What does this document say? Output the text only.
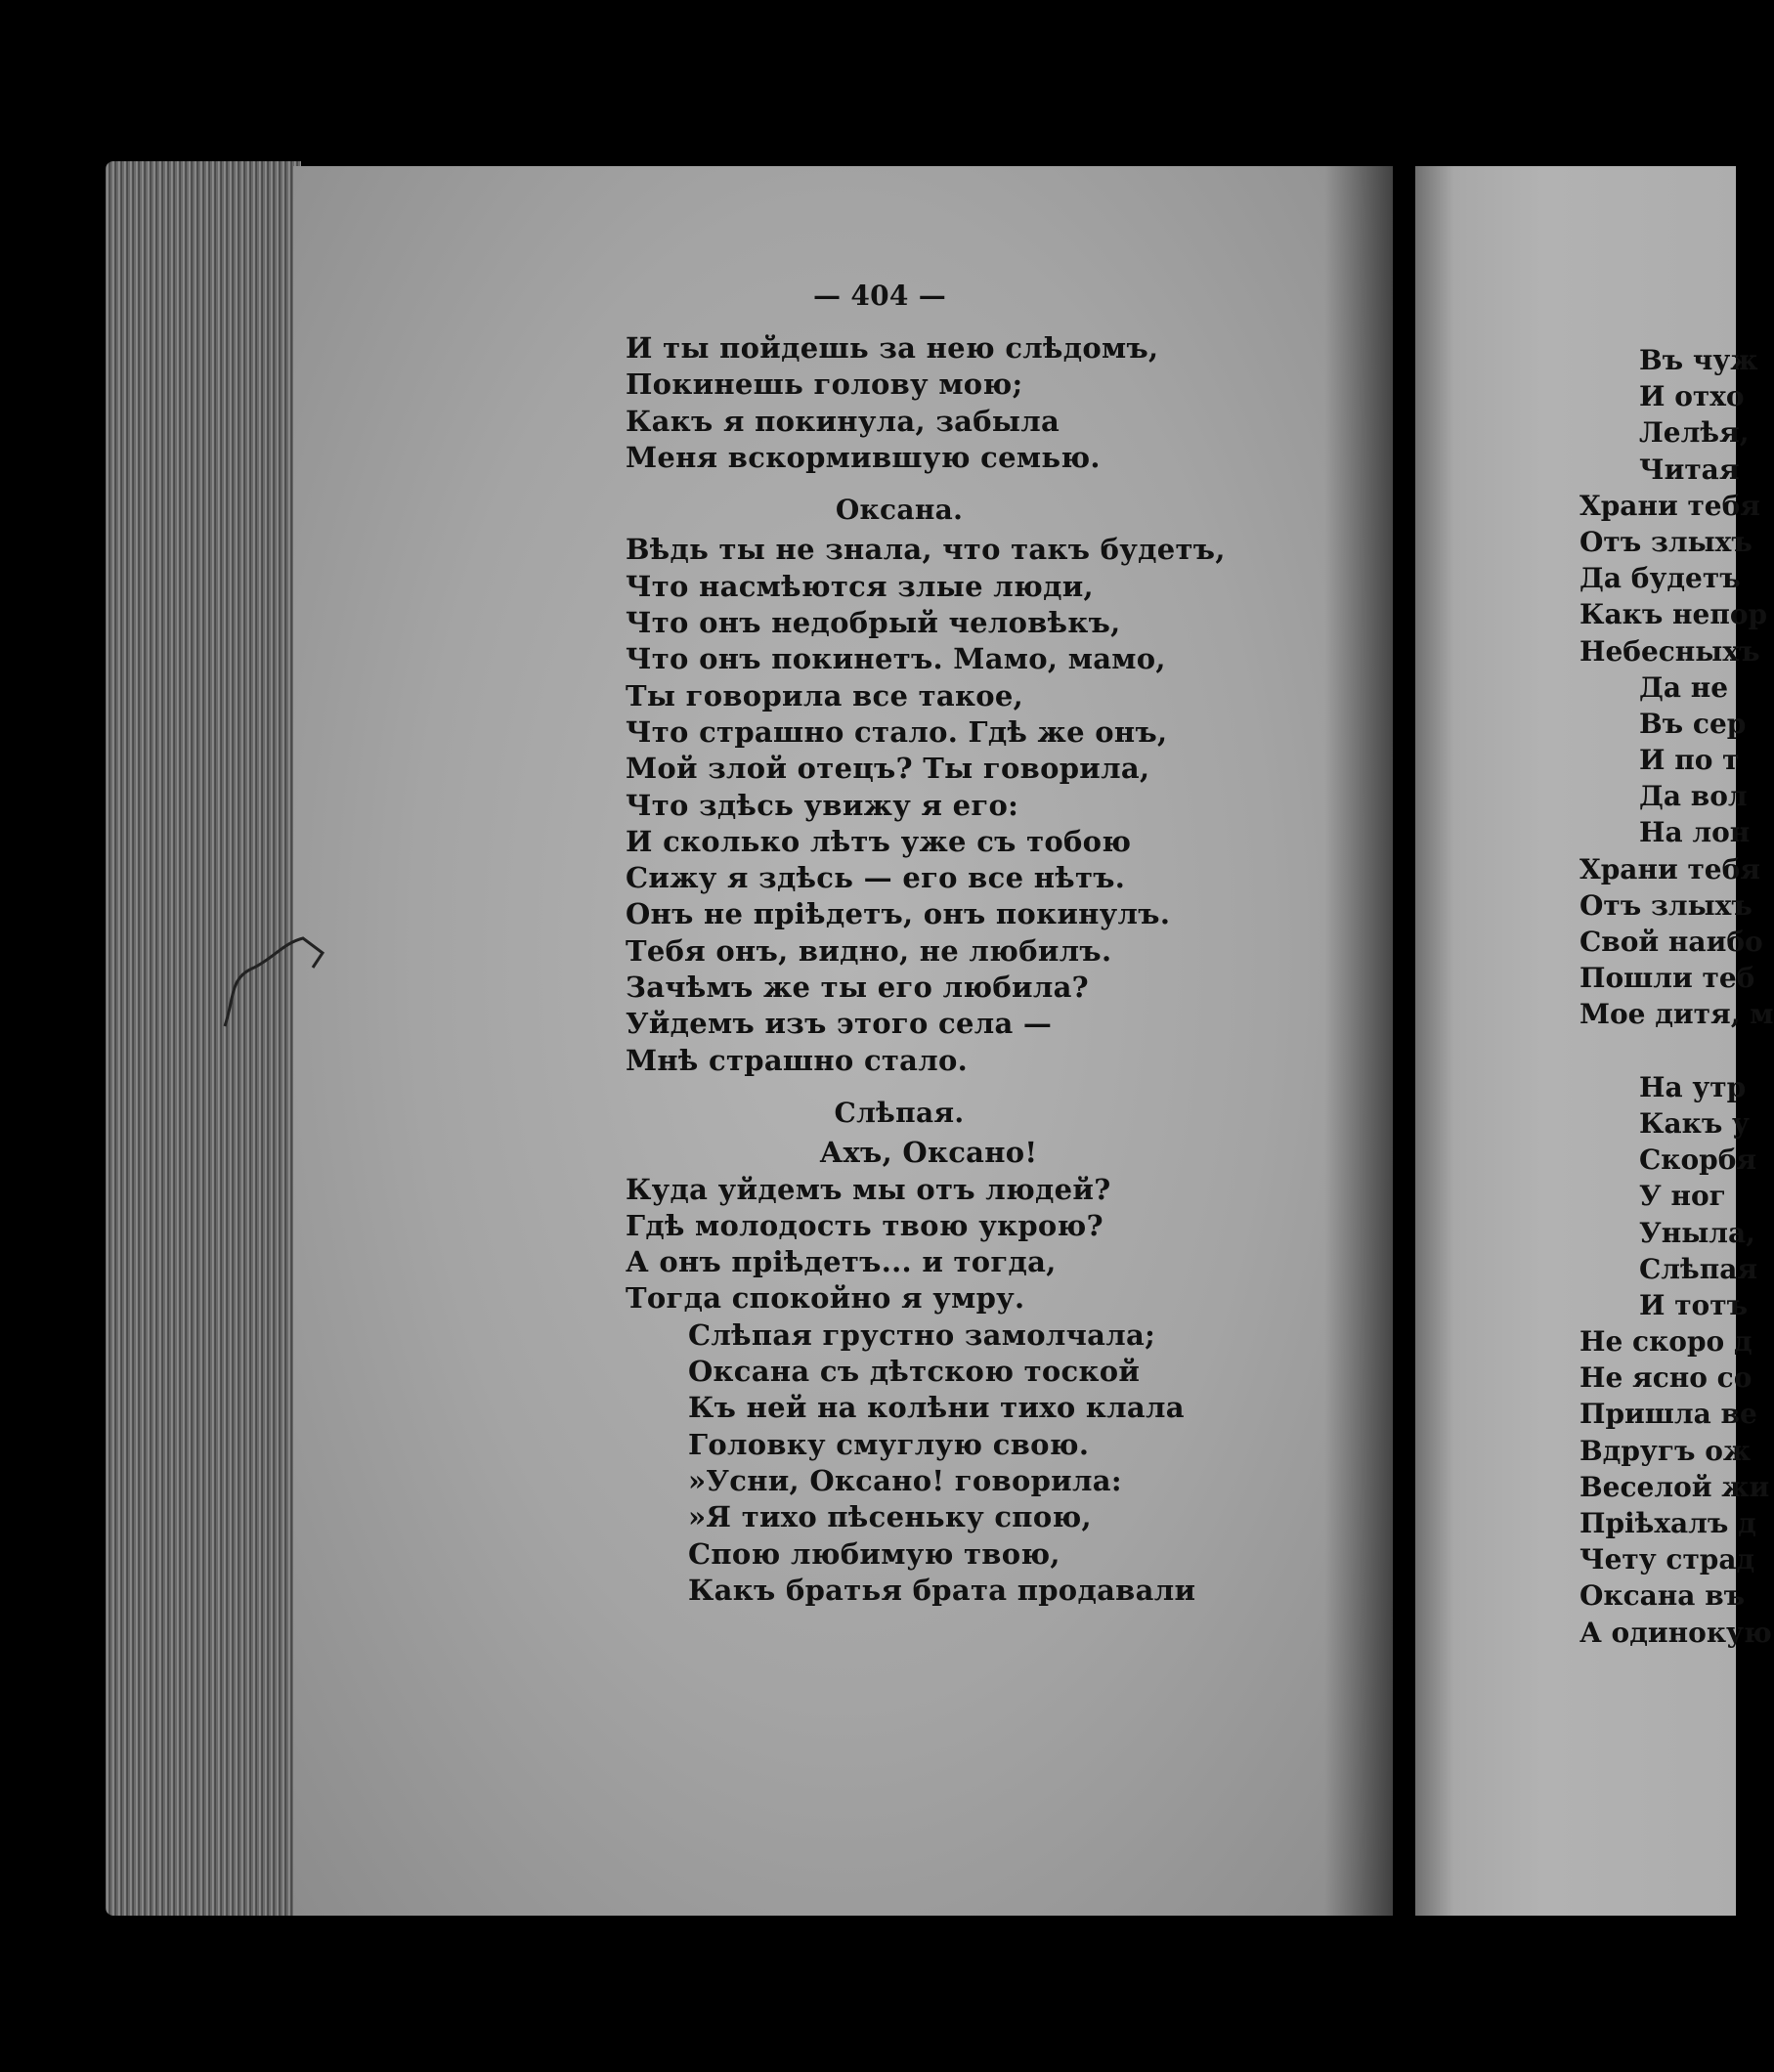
— 404 —
И ты пойдешь за нею слѣдомъ,
Покинешь голову мою;
Какъ я покинула, забыла
Меня вскормившую семью.
Оксана.
Вѣдь ты не знала, что такъ будетъ,
Что насмѣются злые люди,
Что онъ недобрый человѣкъ,
Что онъ покинетъ. Мамо, мамо,
Ты говорила все такое,
Что страшно стало. Гдѣ же онъ,
Мой злой отецъ? Ты говорила,
Что здѣсь увижу я его:
И сколько лѣтъ уже съ тобою
Сижу я здѣсь — его все нѣтъ.
Онъ не пріѣдетъ, онъ покинулъ.
Тебя онъ, видно, не любилъ.
Зачѣмъ же ты его любила?
Уйдемъ изъ этого села —
Мнѣ страшно стало.
Слѣпая.
Ахъ, Оксано!
Куда уйдемъ мы отъ людей?
Гдѣ молодость твою укрою?
А онъ пріѣдетъ... и тогда,
Тогда спокойно я умру.
Слѣпая грустно замолчала;
Оксана съ дѣтскою тоской
Къ ней на колѣни тихо клала
Головку смуглую свою.
»Усни, Оксано! говорила:
»Я тихо пѣсеньку спою,
Спою любимую твою,
Какъ братья брата продавали
Въ чуж
И отхо
Лелѣя,
Читая
Храни тебя
Отъ злыхъ
Да будетъ
Какъ непор
Небесныхъ
Да не
Въ сер
И по т
Да вол
На лон
Храни тебя
Отъ злыхъ
Свой наибо
Пошли теб
Мое дитя, м
На утр
Какъ у
Скорбя
У ног
Уныла,
Слѣпая
И тотъ
Не скоро д
Не ясно со
Пришла ве
Вдругъ ож
Веселой жи
Пріѣхалъ д
Чету страд
Оксана въ
А одинокую
